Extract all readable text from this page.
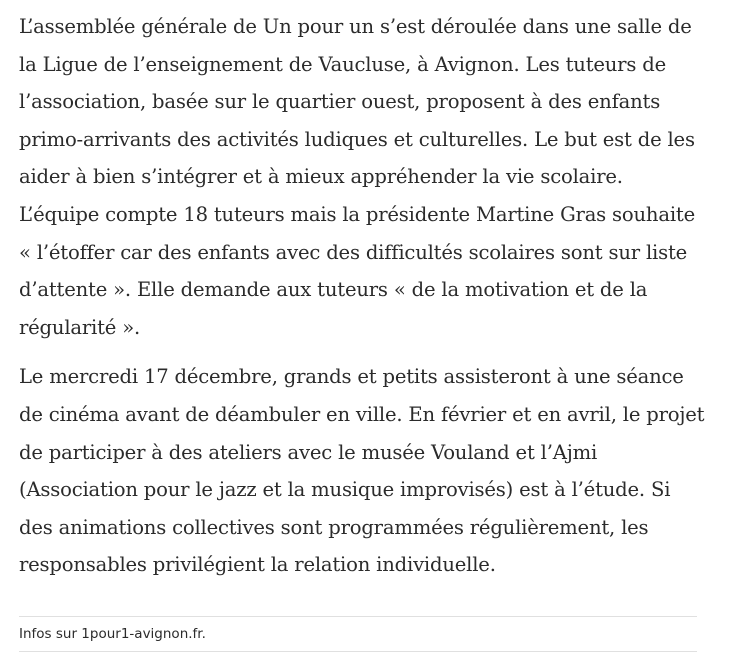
L’assemblée générale de Un pour un s’est déroulée dans une salle de
la Ligue de l’enseignement de Vaucluse, à Avignon. Les tuteurs de
l’association, basée sur le quartier ouest, proposent à des enfants
primo-arrivants des activités ludiques et culturelles. Le but est de les
aider à bien s’intégrer et à mieux appréhender la vie scolaire.
L’équipe compte 18 tuteurs mais la présidente Martine Gras souhaite
« l’étoffer car des enfants avec des difficultés scolaires sont sur liste
d’attente ». Elle demande aux tuteurs « de la motivation et de la
régularité ».

Le mercredi 17 décembre, grands et petits assisteront à une séance
de cinéma avant de déambuler en ville. En février et en avril, le projet
de participer à des ateliers avec le musée Vouland et l’Ajmi
(Association pour le jazz et la musique improvisés) est à l’étude. Si
des animations collectives sont programmées régulièrement, les
responsables privilégient la relation individuelle.

Infos sur 1pour1-avignon.fr.
